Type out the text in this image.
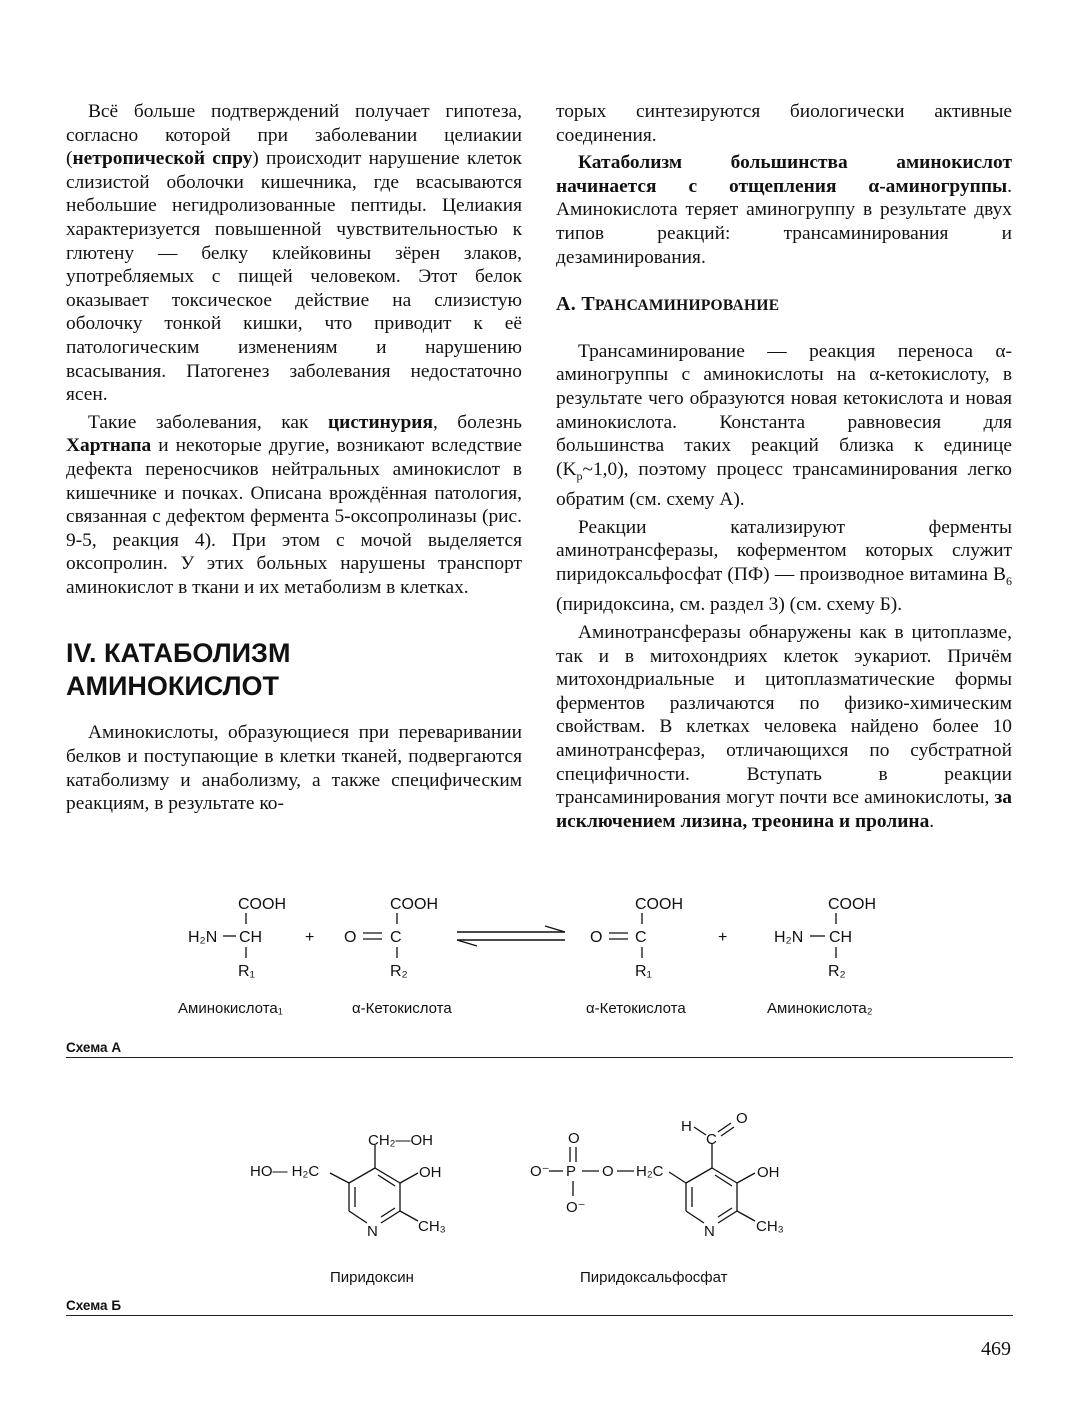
Всё больше подтверждений получает гипотеза, согласно которой при заболевании целиакии (нетропической спру) происходит нарушение клеток слизистой оболочки кишечника, где всасываются небольшие негидролизованные пептиды. Целиакия характеризуется повышенной чувствительностью к глютену — белку клейковины зёрен злаков, употребляемых с пищей человеком. Этот белок оказывает токсическое действие на слизистую оболочку тонкой кишки, что приводит к её патологическим изменениям и нарушению всасывания. Патогенез заболевания недостаточно ясен.

Такие заболевания, как цистинурия, болезнь Хартнапа и некоторые другие, возникают вследствие дефекта переносчиков нейтральных аминокислот в кишечнике и почках. Описана врождённая патология, связанная с дефектом фермента 5-оксопролиназы (рис. 9-5, реакция 4). При этом с мочой выделяется оксопролин. У этих больных нарушены транспорт аминокислот в ткани и их метаболизм в клетках.

IV. КАТАБОЛИЗМ
АМИНОКИСЛОТ

Аминокислоты, образующиеся при переваривании белков и поступающие в клетки тканей, подвергаются катаболизму и анаболизму, а также специфическим реакциям, в результате ко-

торых синтезируются биологически активные соединения.

Катаболизм большинства аминокислот начинается с отщепления α-аминогруппы. Аминокислота теряет аминогруппу в результате двух типов реакций: трансаминирования и дезаминирования.

А. ТРАНСАМИНИРОВАНИЕ

Трансаминирование — реакция переноса α-аминогруппы с аминокислоты на α-кетокислоту, в результате чего образуются новая кетокислота и новая аминокислота. Константа равновесия для большинства таких реакций близка к единице $(K_р\sim 1,0)$, поэтому процесс трансаминирования легко обратим (см. схему А).

Реакции катализируют ферменты аминотрансферазы, коферментом которых служит пиридоксальфосфат (ПФ) — производное витамина $B_6$ (пиридоксина, см. раздел 3) (см. схему Б).

Аминотрансферазы обнаружены как в цитоплазме, так и в митохондриях клеток эукариот. Причём митохондриальные и цитоплазматические формы ферментов различаются по физико-химическим свойствам. В клетках человека найдено более 10 аминотрансфераз, отличающихся по субстратной специфичности. Вступать в реакции трансаминирования могут почти все аминокислоты, за исключением лизина, треонина и пролина.

COOH
H₂N CH
R₁
+
COOH
O C
R₂
COOH
O C
R₁
+
COOH
H₂N CH
R₂
Аминокислота₁	α-Кетокислота	α-Кетокислота	Аминокислота₂
Схема А
CH₂—OH
HO— H₂C	OH
N	CH₃
Пиридоксин
O
O⁻ P O H₂C
O⁻
H
C
O
OH
N	CH₃
Пиридоксальфосфат
Схема Б
469
